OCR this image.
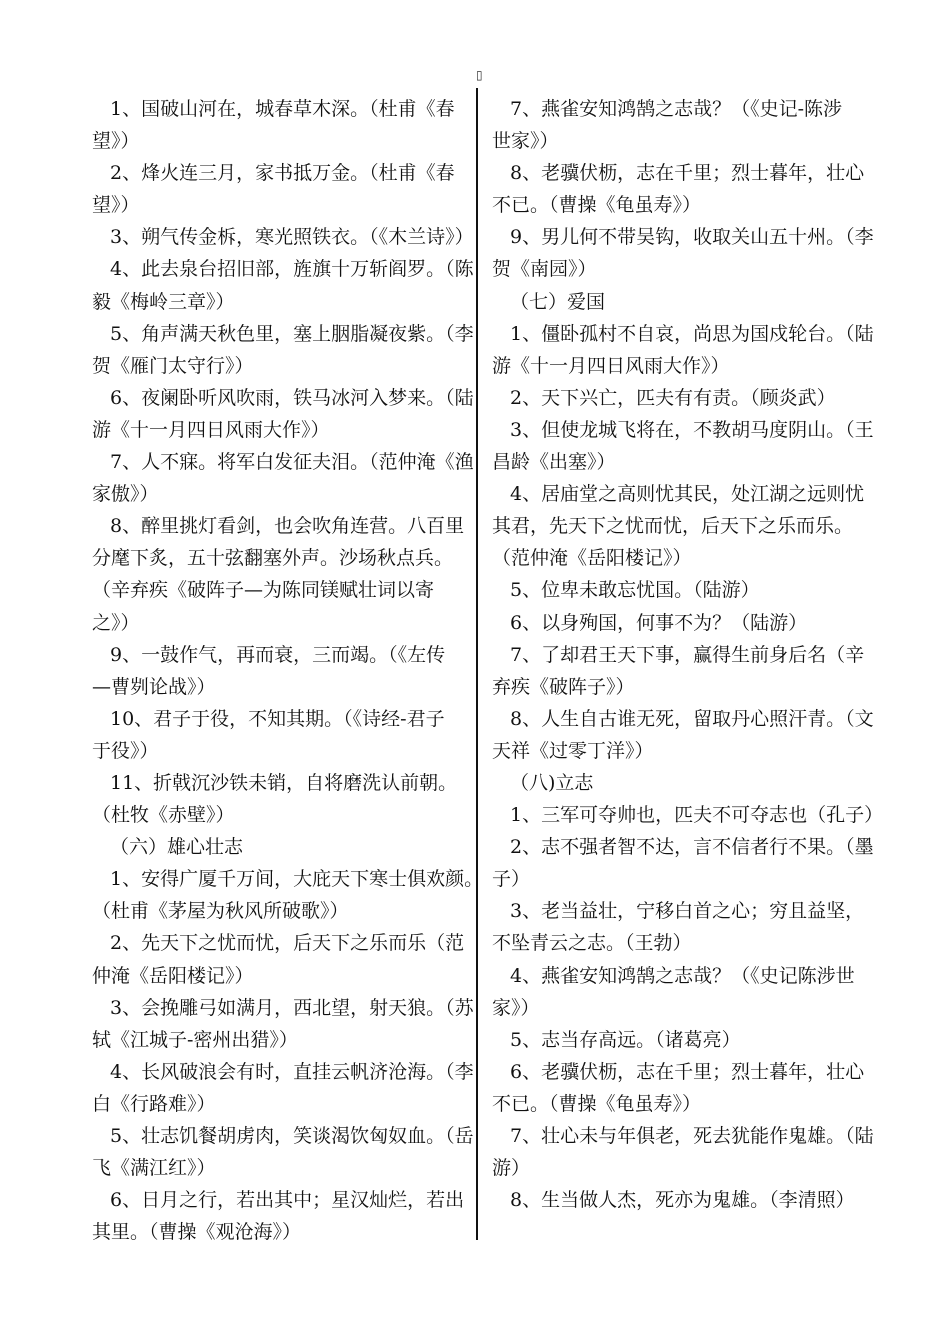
▯
1、国破山河在，城春草木深。（杜甫《春
望》）
2、烽火连三月，家书抵万金。（杜甫《春
望》）
3、朔气传金柝，寒光照铁衣。（《木兰诗》）
4、此去泉台招旧部，旌旗十万斩阎罗。（陈
毅《梅岭三章》）
5、角声满天秋色里，塞上胭脂凝夜紫。（李
贺《雁门太守行》）
6、夜阑卧听风吹雨，铁马冰河入梦来。（陆
游《十一月四日风雨大作》）
7、人不寐。将军白发征夫泪。（范仲淹《渔
家傲》）
8、醉里挑灯看剑，也会吹角连营。八百里
分麾下炙，五十弦翻塞外声。沙场秋点兵。
（辛弃疾《破阵子—为陈同镁赋壮词以寄
之》）
9、一鼓作气，再而衰，三而竭。（《左传
—曹刿论战》）
10、君子于役，不知其期。（《诗经-君子
于役》）
11、折戟沉沙铁未销，自将磨洗认前朝。
（杜牧《赤壁》）
（六）雄心壮志
1、安得广厦千万间，大庇天下寒士俱欢颜。
（杜甫《茅屋为秋风所破歌》）
2、先天下之忧而忧，后天下之乐而乐（范
仲淹《岳阳楼记》）
3、会挽雕弓如满月，西北望，射天狼。（苏
轼《江城子-密州出猎》）
4、长风破浪会有时，直挂云帆济沧海。（李
白《行路难》）
5、壮志饥餐胡虏肉，笑谈渴饮匈奴血。（岳
飞《满江红》）
6、日月之行，若出其中；星汉灿烂，若出
其里。（曹操《观沧海》）
7、燕雀安知鸿鹄之志哉？（《史记-陈涉
世家》）
8、老骥伏枥，志在千里；烈士暮年，壮心
不已。（曹操《龟虽寿》）
9、男儿何不带吴钩，收取关山五十州。（李
贺《南园》）
（七）爱国
1、僵卧孤村不自哀，尚思为国戍轮台。（陆
游《十一月四日风雨大作》）
2、天下兴亡，匹夫有有责。（顾炎武）
3、但使龙城飞将在，不教胡马度阴山。（王
昌龄《出塞》）
4、居庙堂之高则忧其民，处江湖之远则忧
其君，先天下之忧而忧，后天下之乐而乐。
（范仲淹《岳阳楼记》）
5、位卑未敢忘忧国。（陆游）
6、以身殉国，何事不为？（陆游）
7、了却君王天下事，赢得生前身后名（辛
弃疾《破阵子》）
8、人生自古谁无死，留取丹心照汗青。（文
天祥《过零丁洋》）
（八)立志
1、三军可夺帅也，匹夫不可夺志也（孔子）
2、志不强者智不达，言不信者行不果。（墨
子）
3、老当益壮，宁移白首之心；穷且益坚，
不坠青云之志。（王勃）
4、燕雀安知鸿鹄之志哉？（《史记陈涉世
家》）
5、志当存高远。（诸葛亮）
6、老骥伏枥，志在千里；烈士暮年，壮心
不已。（曹操《龟虽寿》）
7、壮心未与年俱老，死去犹能作鬼雄。（陆
游）
8、生当做人杰，死亦为鬼雄。（李清照）
